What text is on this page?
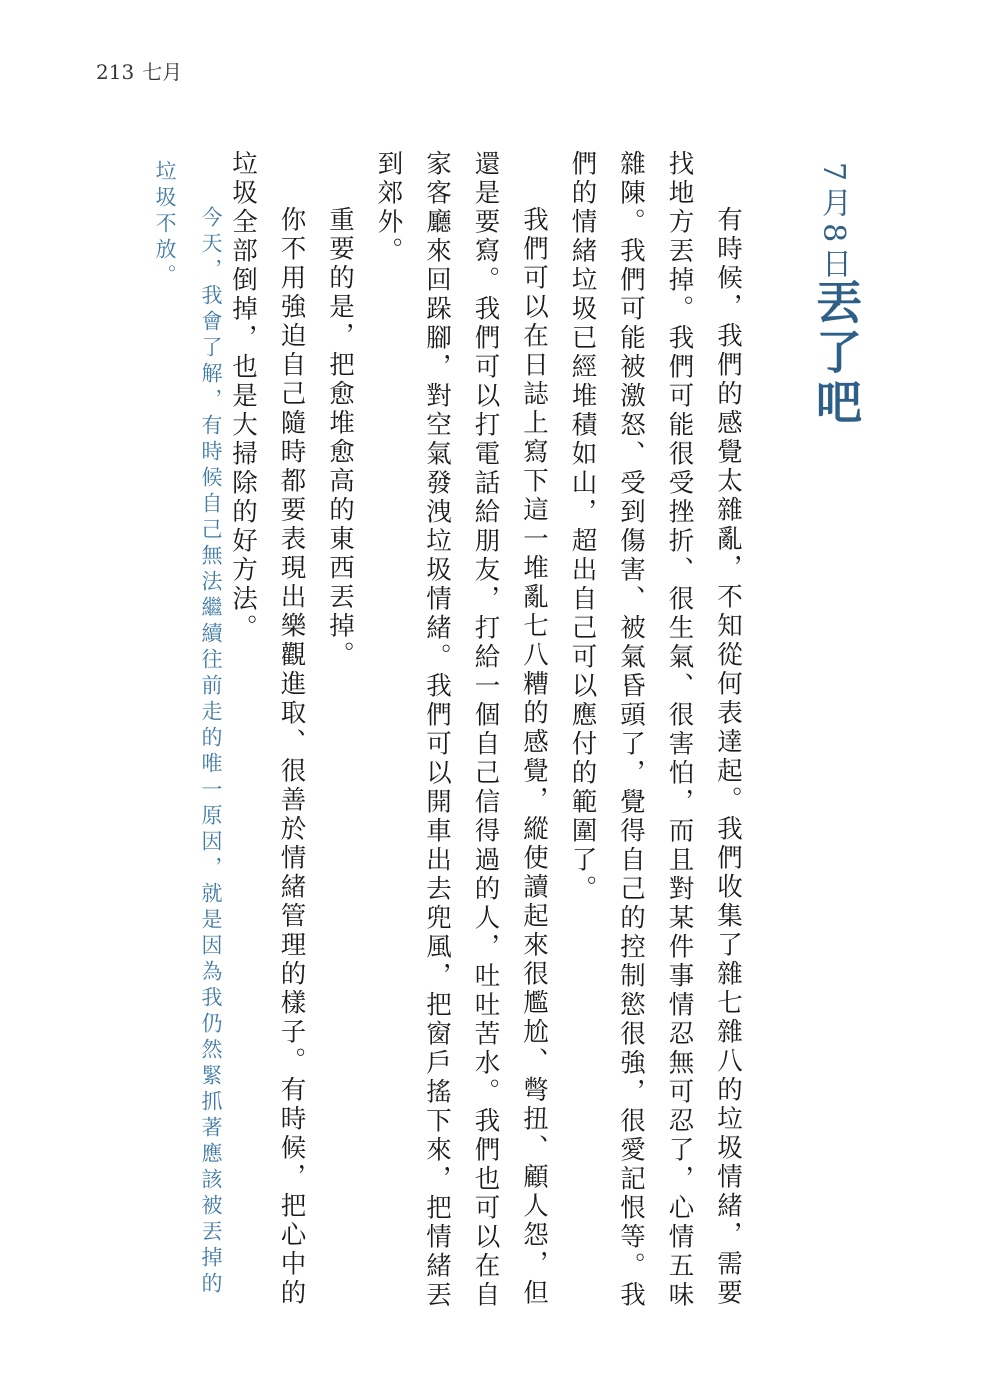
213 七月
7月8日
丟了吧

有時候，我們的感覺太雜亂，不知從何表達起。我們收集了雜七雜八的垃圾情緒，需要找地方丟掉。我們可能很受挫折、很生氣、很害怕，而且對某件事情忍無可忍了，心情五味雜陳。我們可能被激怒、受到傷害、被氣昏頭了，覺得自己的控制慾很強，很愛記恨等。我們的情緒垃圾已經堆積如山，超出自己可以應付的範圍了。

我們可以在日誌上寫下這一堆亂七八糟的感覺，縱使讀起來很尷尬、彆扭、顧人怨，但還是要寫。我們可以打電話給朋友，打給一個自己信得過的人，吐吐苦水。我們也可以在自家客廳來回跺腳，對空氣發洩垃圾情緒。我們可以開車出去兜風，把窗戶搖下來，把情緒丟到郊外。

重要的是，把愈堆愈高的東西丟掉。

你不用強迫自己隨時都要表現出樂觀進取、很善於情緒管理的樣子。有時候，把心中的垃圾全部倒掉，也是大掃除的好方法。

今天，我會了解，有時候自己無法繼續往前走的唯一原因，就是因為我仍然緊抓著應該被丟掉的垃圾不放。
